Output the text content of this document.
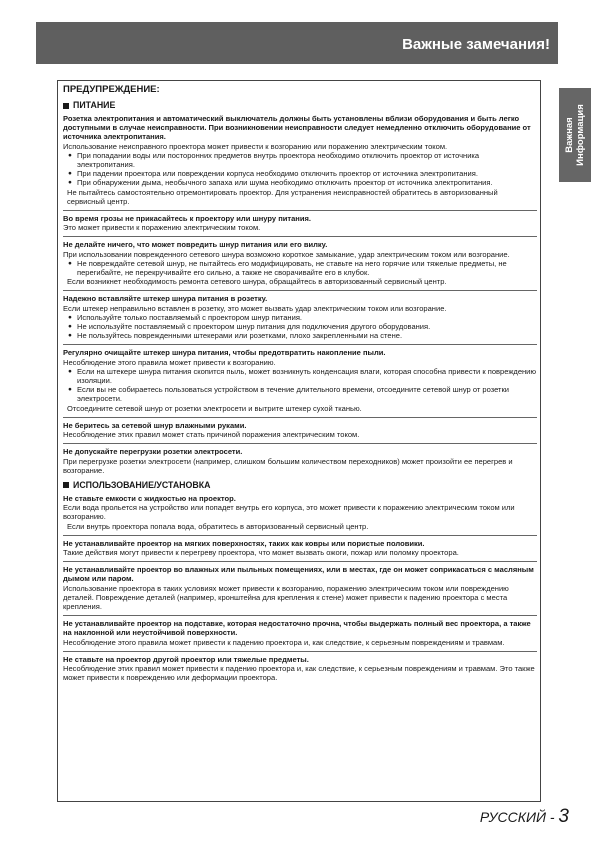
Важные замечания!
Важная Информация
ПРЕДУПРЕЖДЕНИЕ:
ПИТАНИЕ
Розетка электропитания и автоматический выключатель должны быть установлены вблизи оборудования и быть легко доступными в случае неисправности. При возникновении неисправности следует немедленно отключить оборудование от источника электропитания.
Использование неисправного проектора может привести к возгоранию или поражению электрическим током.
● При попадании воды или посторонних предметов внутрь проектора необходимо отключить проектор от источника электропитания.
● При падении проектора или повреждении корпуса необходимо отключить проектор от источника электропитания.
● При обнаружении дыма, необычного запаха или шума необходимо отключить проектор от источника электропитания.
Не пытайтесь самостоятельно отремонтировать проектор. Для устранения неисправностей обратитесь в авторизованный сервисный центр.
Во время грозы не прикасайтесь к проектору или шнуру питания.
Это может привести к поражению электрическим током.
Не делайте ничего, что может повредить шнур питания или его вилку.
При использовании поврежденного сетевого шнура возможно короткое замыкание, удар электрическим током или возгорание.
● Не повреждайте сетевой шнур, не пытайтесь его модифицировать, не ставьте на него горячие или тяжелые предметы, не перегибайте, не перекручивайте его сильно, а также не сворачивайте его в клубок.
Если возникнет необходимость ремонта сетевого шнура, обращайтесь в авторизованный сервисный центр.
Надежно вставляйте штекер шнура питания в розетку.
Если штекер неправильно вставлен в розетку, это может вызвать удар электрическим током или возгорание.
● Используйте только поставляемый с проектором шнур питания.
● Не используйте поставляемый с проектором шнур питания для подключения другого оборудования.
● Не пользуйтесь поврежденными штекерами или розетками, плохо закрепленными на стене.
Регулярно очищайте штекер шнура питания, чтобы предотвратить накопление пыли.
Несоблюдение этого правила может привести к возгоранию.
● Если на штекере шнура питания скопится пыль, может возникнуть конденсация влаги, которая способна привести к повреждению изоляции.
● Если вы не собираетесь пользоваться устройством в течение длительного времени, отсоедините сетевой шнур от розетки электросети.
Отсоедините сетевой шнур от розетки электросети и вытрите штекер сухой тканью.
Не беритесь за сетевой шнур влажными руками.
Несоблюдение этих правил может стать причиной поражения электрическим током.
Не допускайте перегрузки розетки электросети.
При перегрузке розетки электросети (например, слишком большим количеством переходников) может произойти ее перегрев и возгорание.
ИСПОЛЬЗОВАНИЕ/УСТАНОВКА
Не ставьте емкости с жидкостью на проектор.
Если вода прольется на устройство или попадет внутрь его корпуса, это может привести к поражению электрическим током или возгоранию.
Если внутрь проектора попала вода, обратитесь в авторизованный сервисный центр.
Не устанавливайте проектор на мягких поверхностях, таких как ковры или пористые половики.
Такие действия могут привести к перегреву проектора, что может вызвать ожоги, пожар или поломку проектора.
Не устанавливайте проектор во влажных или пыльных помещениях, или в местах, где он может соприкасаться с масляным дымом или паром.
Использование проектора в таких условиях может привести к возгоранию, поражению электрическим током или повреждению деталей. Повреждение деталей (например, кронштейна для крепления к стене) может привести к падению проектора с места крепления.
Не устанавливайте проектор на подставке, которая недостаточно прочна, чтобы выдержать полный вес проектора, а также на наклонной или неустойчивой поверхности.
Несоблюдение этого правила может привести к падению проектора и, как следствие, к серьезным повреждениям и травмам.
Не ставьте на проектор другой проектор или тяжелые предметы.
Несоблюдение этих правил может привести к падению проектора и, как следствие, к серьезным повреждениям и травмам. Это также может привести к повреждению или деформации проектора.
РУССКИЙ - 3
